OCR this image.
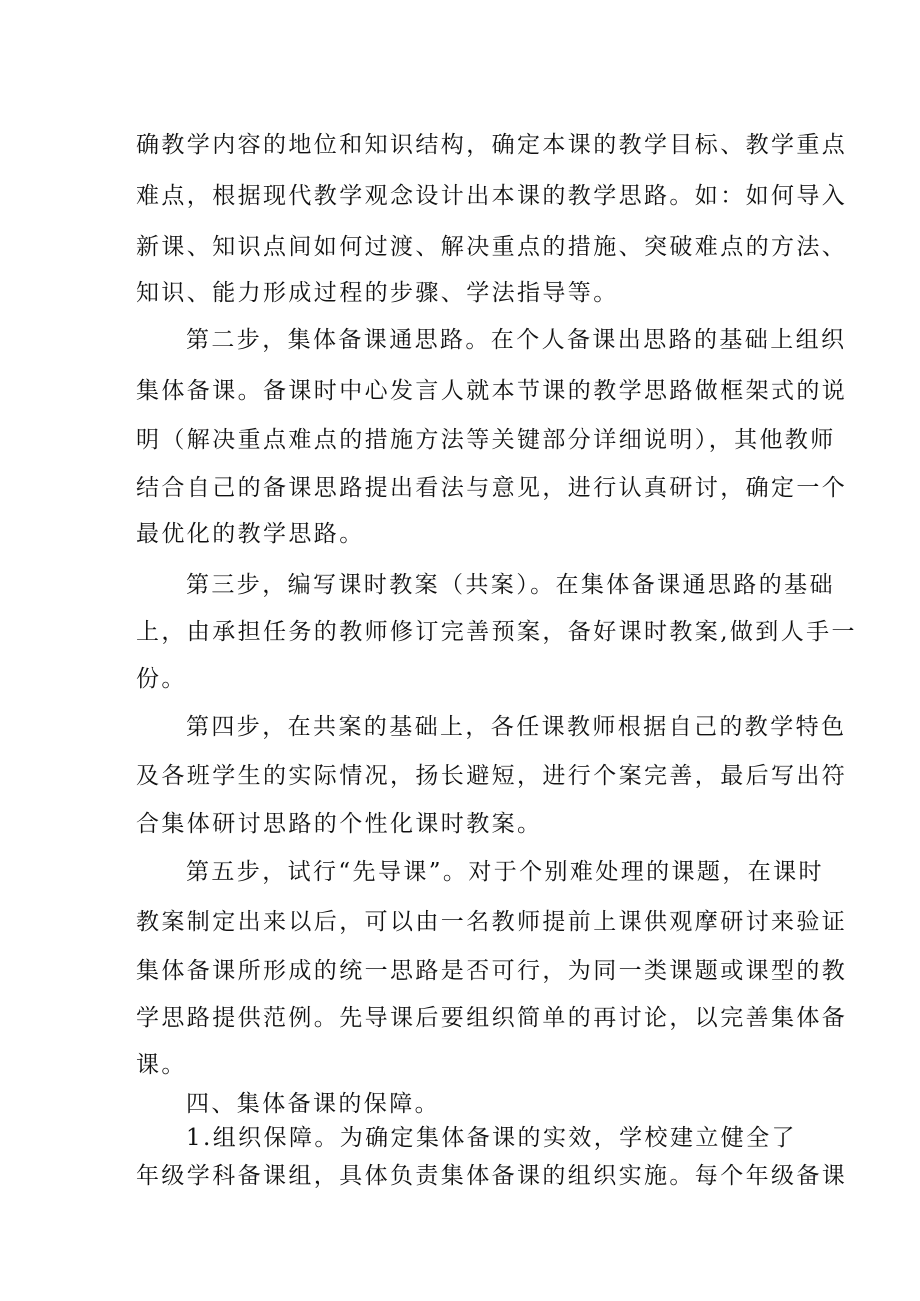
确教学内容的地位和知识结构，确定本课的教学目标、教学重点
难点，根据现代教学观念设计出本课的教学思路。如：如何导入
新课、知识点间如何过渡、解决重点的措施、突破难点的方法、
知识、能力形成过程的步骤、学法指导等。
第二步，集体备课通思路。在个人备课出思路的基础上组织
集体备课。备课时中心发言人就本节课的教学思路做框架式的说
明（解决重点难点的措施方法等关键部分详细说明），其他教师
结合自己的备课思路提出看法与意见，进行认真研讨，确定一个
最优化的教学思路。
第三步，编写课时教案（共案）。在集体备课通思路的基础
上，由承担任务的教师修订完善预案，备好课时教案,做到人手一
份。
第四步，在共案的基础上，各任课教师根据自己的教学特色
及各班学生的实际情况，扬长避短，进行个案完善，最后写出符
合集体研讨思路的个性化课时教案。
第五步，试行“先导课”。对于个别难处理的课题，在课时
教案制定出来以后，可以由一名教师提前上课供观摩研讨来验证
集体备课所形成的统一思路是否可行，为同一类课题或课型的教
学思路提供范例。先导课后要组织简单的再讨论，以完善集体备
课。
四、集体备课的保障。
1.组织保障。为确定集体备课的实效，学校建立健全了
年级学科备课组，具体负责集体备课的组织实施。每个年级备课
